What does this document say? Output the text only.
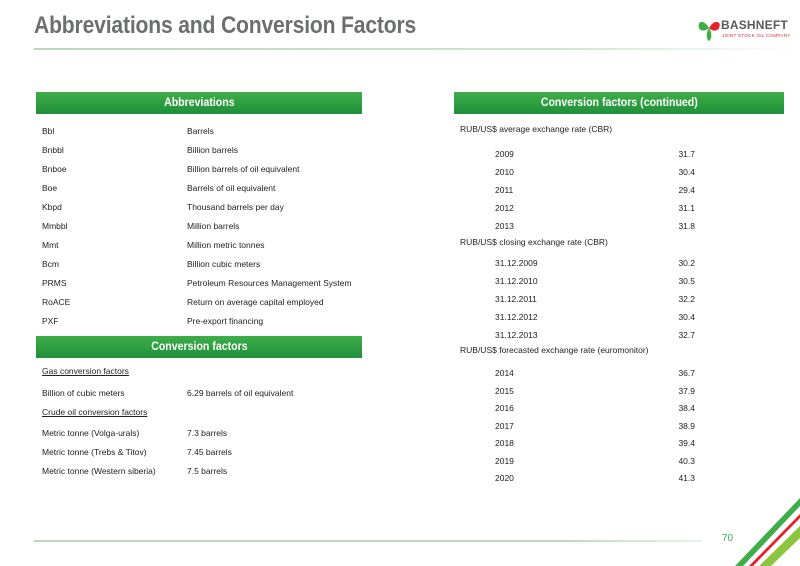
Abbreviations and Conversion Factors	BASHNEFT
JOINT STOCK OIL COMPANY
Abbreviations
Bbl	Barrels
Bnbbl	Billion barrels
Bnboe	Billion barrels of oil equivalent
Boe	Barrels of oil equivalent
Kbpd	Thousand barrels per day
Mmbbl	Million barrels
Mmt	Million metric tonnes
Bcm	Billion cubic meters
PRMS	Petroleum Resources Management System
RoACE	Return on average capital employed
PXF	Pre-export financing
Conversion factors
Gas conversion factors
Billion of cubic meters	6.29 barrels of oil equivalent
Crude oil conversion factors
Metric tonne (Volga-urals)	7.3 barrels
Metric tonne (Trebs & Titov)	7.45 barrels
Metric tonne (Western siberia)	7.5 barrels
Conversion factors (continued)
RUB/US$ average exchange rate (CBR)
2009	31.7
2010	30.4
2011	29.4
2012	31.1
2013	31.8
RUB/US$ closing exchange rate (CBR)
31.12.2009	30.2
31.12.2010	30.5
31.12.2011	32.2
31.12.2012	30.4
31.12.2013	32.7
RUB/US$ forecasted exchange rate (euromonitor)
2014	36.7
2015	37.9
2016	38.4
2017	38.9
2018	39.4
2019	40.3
2020	41.3
70
